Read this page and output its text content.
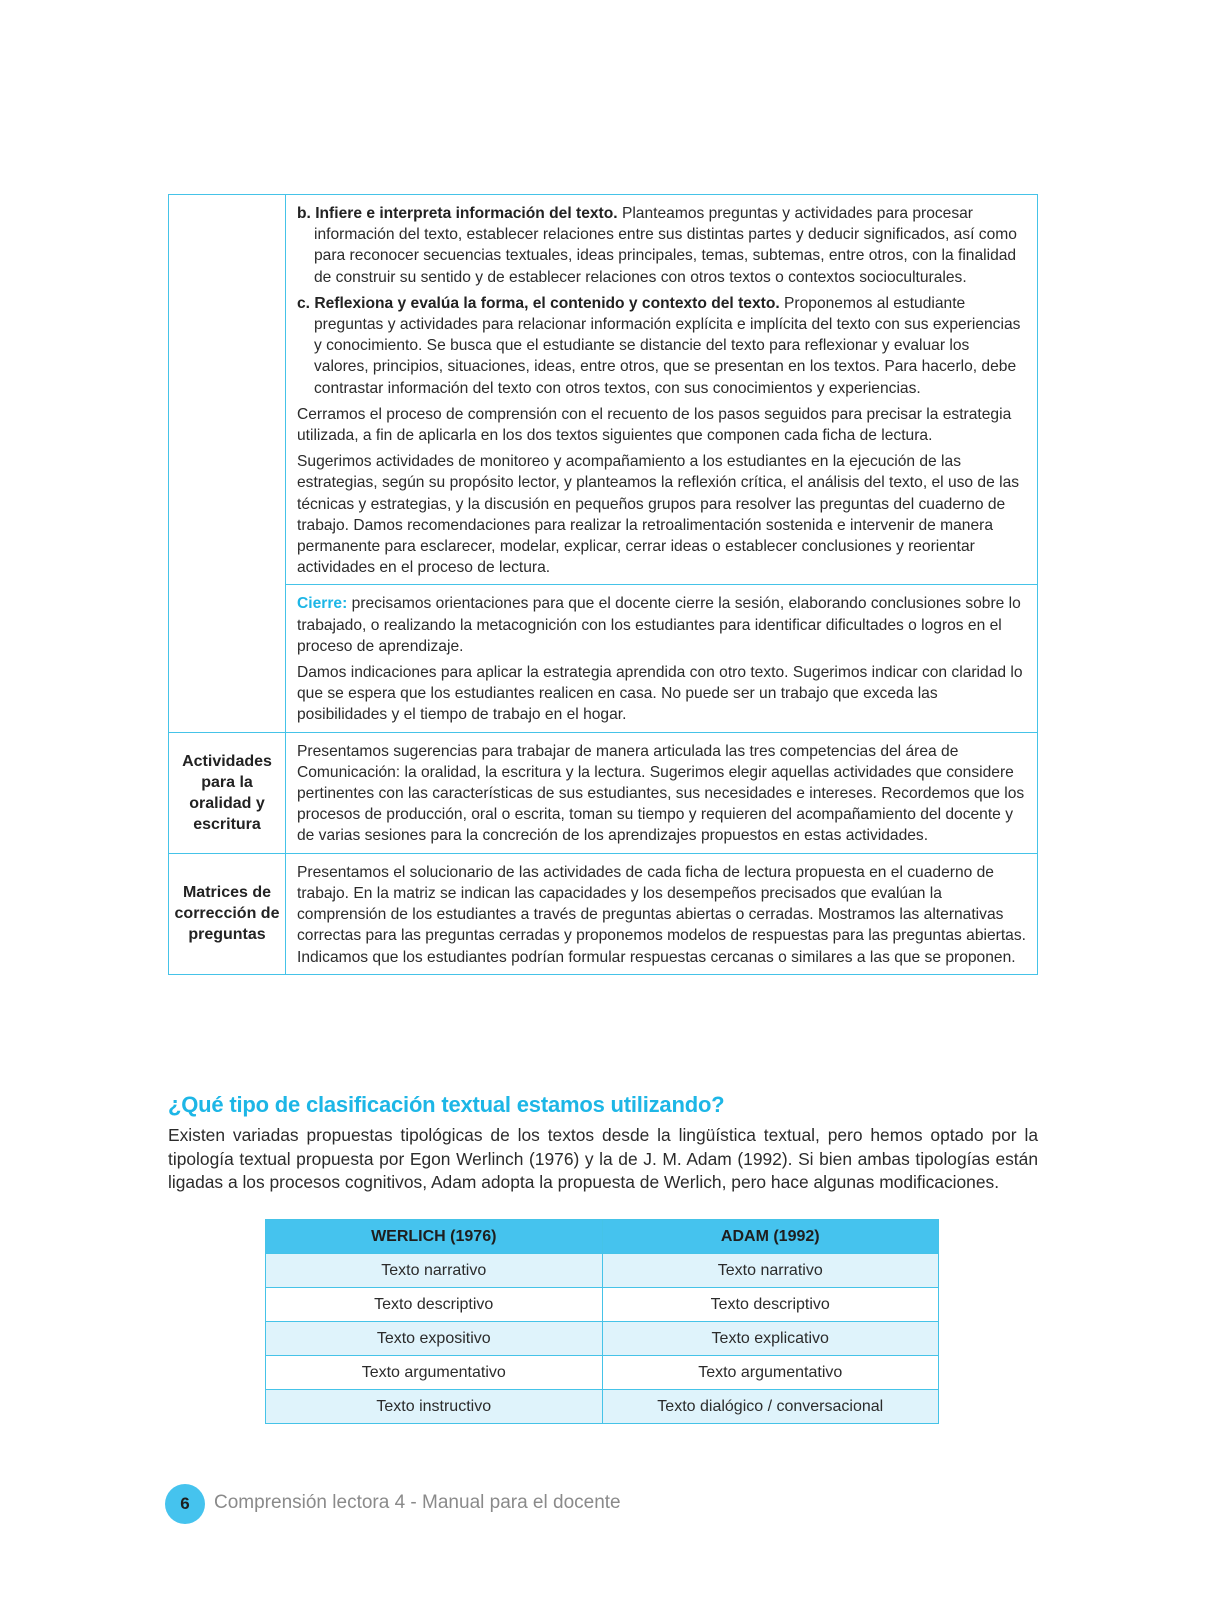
	b. Infiere e interpreta información del texto. Planteamos preguntas y actividades para procesar información del texto, establecer relaciones entre sus distintas partes y deducir significados, así como para reconocer secuencias textuales, ideas principales, temas, subtemas, entre otros, con la finalidad de construir su sentido y de establecer relaciones con otros textos o contextos socioculturales.

c. Reflexiona y evalúa la forma, el contenido y contexto del texto. Proponemos al estudiante preguntas y actividades para relacionar información explícita e implícita del texto con sus experiencias y conocimiento. Se busca que el estudiante se distancie del texto para reflexionar y evaluar los valores, principios, situaciones, ideas, entre otros, que se presentan en los textos. Para hacerlo, debe contrastar información del texto con otros textos, con sus conocimientos y experiencias.

Cerramos el proceso de comprensión con el recuento de los pasos seguidos para precisar la estrategia utilizada, a fin de aplicarla en los dos textos siguientes que componen cada ficha de lectura.

Sugerimos actividades de monitoreo y acompañamiento a los estudiantes en la ejecución de las estrategias, según su propósito lector, y planteamos la reflexión crítica, el análisis del texto, el uso de las técnicas y estrategias, y la discusión en pequeños grupos para resolver las preguntas del cuaderno de trabajo. Damos recomendaciones para realizar la retroalimentación sostenida e intervenir de manera permanente para esclarecer, modelar, explicar, cerrar ideas o establecer conclusiones y reorientar actividades en el proceso de lectura.

	Cierre: precisamos orientaciones para que el docente cierre la sesión, elaborando conclusiones sobre lo trabajado, o realizando la metacognición con los estudiantes para identificar dificultades o logros en el proceso de aprendizaje.

Damos indicaciones para aplicar la estrategia aprendida con otro texto. Sugerimos indicar con claridad lo que se espera que los estudiantes realicen en casa. No puede ser un trabajo que exceda las posibilidades y el tiempo de trabajo en el hogar.

Actividades para la oralidad y escritura	Presentamos sugerencias para trabajar de manera articulada las tres competencias del área de Comunicación: la oralidad, la escritura y la lectura. Sugerimos elegir aquellas actividades que considere pertinentes con las características de sus estudiantes, sus necesidades e intereses. Recordemos que los procesos de producción, oral o escrita, toman su tiempo y requieren del acompañamiento del docente y de varias sesiones para la concreción de los aprendizajes propuestos en estas actividades.

Matrices de corrección de preguntas	Presentamos el solucionario de las actividades de cada ficha de lectura propuesta en el cuaderno de trabajo. En la matriz se indican las capacidades y los desempeños precisados que evalúan la comprensión de los estudiantes a través de preguntas abiertas o cerradas. Mostramos las alternativas correctas para las preguntas cerradas y proponemos modelos de respuestas para las preguntas abiertas. Indicamos que los estudiantes podrían formular respuestas cercanas o similares a las que se proponen.

¿Qué tipo de clasificación textual estamos utilizando?

Existen variadas propuestas tipológicas de los textos desde la lingüística textual, pero hemos optado por la tipología textual propuesta por Egon Werlinch (1976) y la de J. M. Adam (1992). Si bien ambas tipologías están ligadas a los procesos cognitivos, Adam adopta la propuesta de Werlich, pero hace algunas modificaciones.

WERLICH (1976)	ADAM (1992)
Texto narrativo	Texto narrativo
Texto descriptivo	Texto descriptivo
Texto expositivo	Texto explicativo
Texto argumentativo	Texto argumentativo
Texto instructivo	Texto dialógico / conversacional
6	Comprensión lectora 4 - Manual para el docente
